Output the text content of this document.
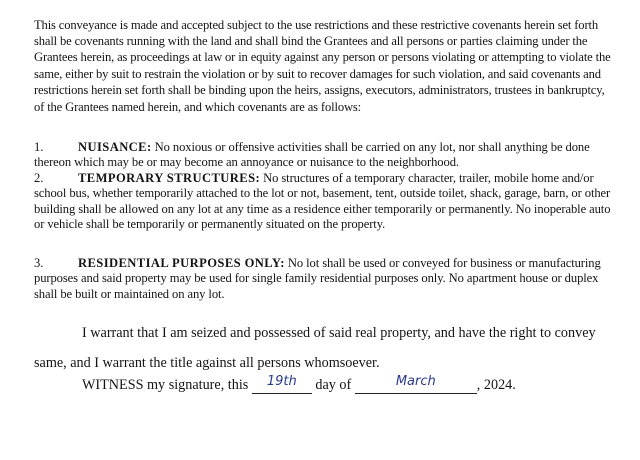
This conveyance is made and accepted subject to the use restrictions and these restrictive covenants herein set forth shall be covenants running with the land and shall bind the Grantees and all persons or parties claiming under the Grantees herein, as proceedings at law or in equity against any person or persons violating or attempting to violate the same, either by suit to restrain the violation or by suit to recover damages for such violation, and said covenants and restrictions herein set forth shall be binding upon the heirs, assigns, executors, administrators, trustees in bankruptcy, of the Grantees named herein, and which covenants are as follows:

1.	NUISANCE: No noxious or offensive activities shall be carried on any lot, nor shall anything be done thereon which may be or may become an annoyance or nuisance to the neighborhood.
2.	TEMPORARY STRUCTURES: No structures of a temporary character, trailer, mobile home and/or school bus, whether temporarily attached to the lot or not, basement, tent, outside toilet, shack, garage, barn, or other building shall be allowed on any lot at any time as a residence either temporarily or permanently. No inoperable auto or vehicle shall be temporarily or permanently situated on the property.
3.	RESIDENTIAL PURPOSES ONLY: No lot shall be used or conveyed for business or manufacturing purposes and said property may be used for single family residential purposes only. No apartment house or duplex shall be built or maintained on any lot.
I warrant that I am seized and possessed of said real property, and have the right to convey same, and I warrant the title against all persons whomsoever.
WITNESS my signature, this 19th day of	March	, 2024.
